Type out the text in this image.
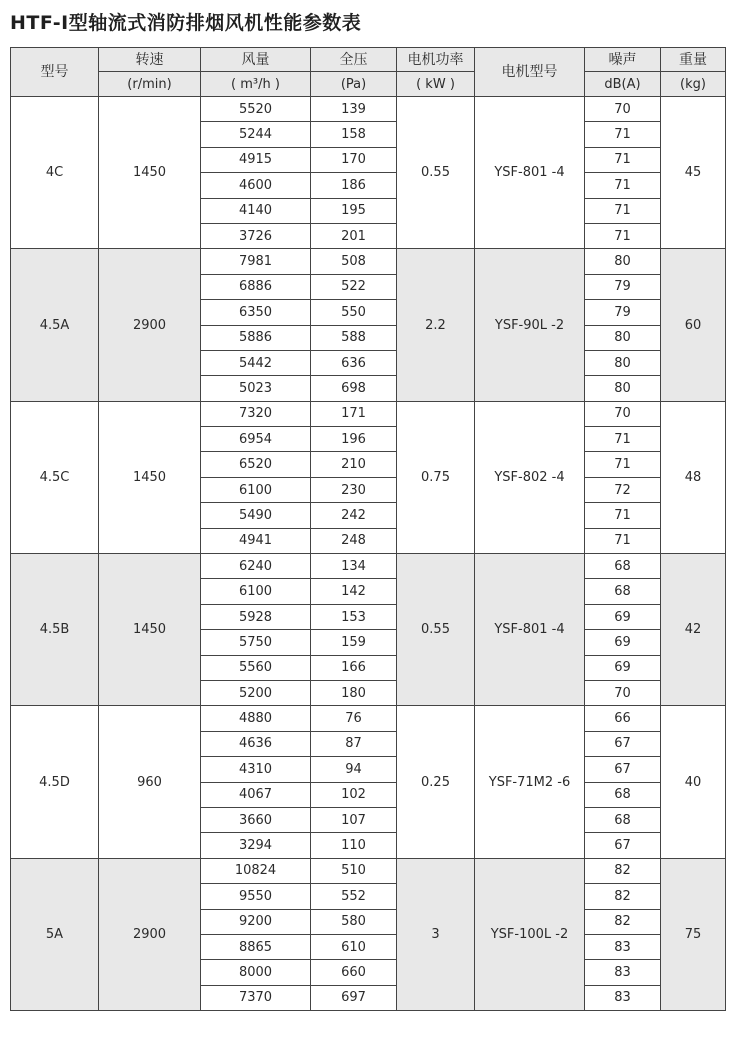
HTF-I型轴流式消防排烟风机性能参数表
型号	转速	风量	全压	电机功率	电机型号	噪声	重量
	(r/min)	( m³/h )	(Pa)	( kW )		dB(A)	(kg)
4C	1450	5520	139	0.55	YSF-801 -4	70	45
		5244	158			71	
		4915	170			71	
		4600	186			71	
		4140	195			71	
		3726	201			71	
4.5A	2900	7981	508	2.2	YSF-90L -2	80	60
		6886	522			79	
		6350	550			79	
		5886	588			80	
		5442	636			80	
		5023	698			80	
4.5C	1450	7320	171	0.75	YSF-802 -4	70	48
		6954	196			71	
		6520	210			71	
		6100	230			72	
		5490	242			71	
		4941	248			71	
4.5B	1450	6240	134	0.55	YSF-801 -4	68	42
		6100	142			68	
		5928	153			69	
		5750	159			69	
		5560	166			69	
		5200	180			70	
4.5D	960	4880	76	0.25	YSF-71M2 -6	66	40
		4636	87			67	
		4310	94			67	
		4067	102			68	
		3660	107			68	
		3294	110			67	
5A	2900	10824	510	3	YSF-100L -2	82	75
		9550	552			82	
		9200	580			82	
		8865	610			83	
		8000	660			83	
		7370	697			83	
